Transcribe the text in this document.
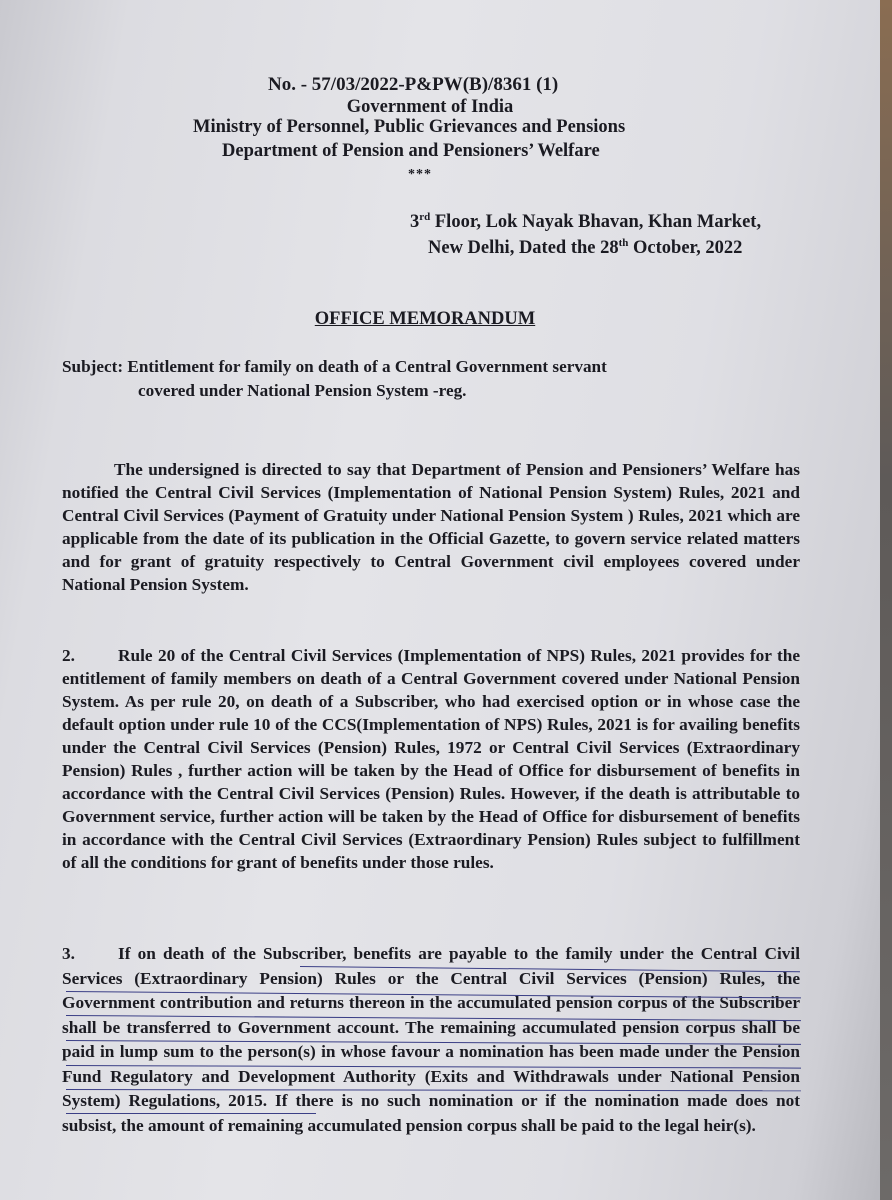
No. - 57/03/2022-P&PW(B)/8361 (1)
Government of India
Ministry of Personnel, Public Grievances and Pensions
Department of Pension and Pensioners’ Welfare
***
3rd Floor, Lok Nayak Bhavan, Khan Market,
New Delhi, Dated the 28th October, 2022
OFFICE MEMORANDUM
Subject: Entitlement for family on death of a Central Government servant
covered under National Pension System -reg.

The undersigned is directed to say that Department of Pension and Pensioners’ Welfare has notified the Central Civil Services (Implementation of National Pension System) Rules, 2021 and Central Civil Services (Payment of Gratuity under National Pension System ) Rules, 2021 which are applicable from the date of its publication in the Official Gazette, to govern service related matters and for grant of gratuity respectively to Central Government civil employees covered under National Pension System.

2. Rule 20 of the Central Civil Services (Implementation of NPS) Rules, 2021 provides for the entitlement of family members on death of a Central Government covered under National Pension System. As per rule 20, on death of a Subscriber, who had exercised option or in whose case the default option under rule 10 of the CCS(Implementation of NPS) Rules, 2021 is for availing benefits under the Central Civil Services (Pension) Rules, 1972 or Central Civil Services (Extraordinary Pension) Rules , further action will be taken by the Head of Office for disbursement of benefits in accordance with the Central Civil Services (Pension) Rules. However, if the death is attributable to Government service, further action will be taken by the Head of Office for disbursement of benefits in accordance with the Central Civil Services (Extraordinary Pension) Rules subject to fulfillment of all the conditions for grant of benefits under those rules.

3. If on death of the Subscriber, benefits are payable to the family under the Central Civil Services (Extraordinary Pension) Rules or the Central Civil Services (Pension) Rules, the Government contribution and returns thereon in the accumulated pension corpus of the Subscriber shall be transferred to Government account. The remaining accumulated pension corpus shall be paid in lump sum to the person(s) in whose favour a nomination has been made under the Pension Fund Regulatory and Development Authority (Exits and Withdrawals under National Pension System) Regulations, 2015. If there is no such nomination or if the nomination made does not subsist, the amount of remaining accumulated pension corpus shall be paid to the legal heir(s).
